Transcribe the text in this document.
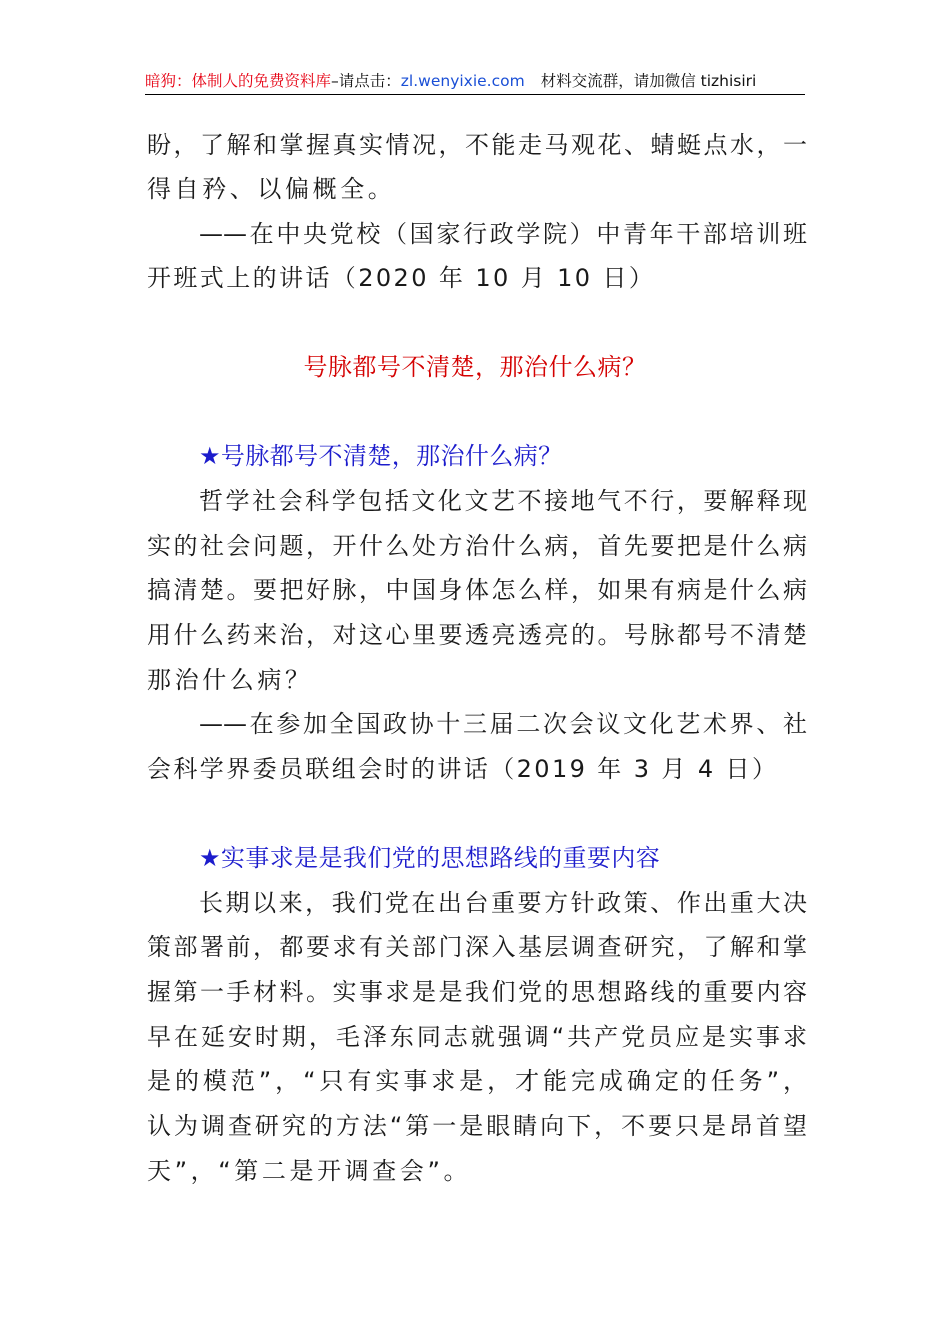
暗狗：体制人的免费资料库–请点击：zl.wenyixie.com 材料交流群，请加微信 tizhisiri
盼，了解和掌握真实情况，不能走马观花、蜻蜓点水，一
得自矜、以偏概全。
——在中央党校（国家行政学院）中青年干部培训班
开班式上的讲话（2020 年 10 月 10 日）
号脉都号不清楚，那治什么病？
★号脉都号不清楚，那治什么病？
哲学社会科学包括文化文艺不接地气不行，要解释现
实的社会问题，开什么处方治什么病，首先要把是什么病
搞清楚。要把好脉，中国身体怎么样，如果有病是什么病
用什么药来治，对这心里要透亮透亮的。号脉都号不清楚
那治什么病？
——在参加全国政协十三届二次会议文化艺术界、社
会科学界委员联组会时的讲话（2019 年 3 月 4 日）
★实事求是是我们党的思想路线的重要内容
长期以来，我们党在出台重要方针政策、作出重大决
策部署前，都要求有关部门深入基层调查研究，了解和掌
握第一手材料。实事求是是我们党的思想路线的重要内容
早在延安时期，毛泽东同志就强调“共产党员应是实事求
是的模范”，“只有实事求是，才能完成确定的任务”，
认为调查研究的方法“第一是眼睛向下，不要只是昂首望
天”，“第二是开调查会”。
